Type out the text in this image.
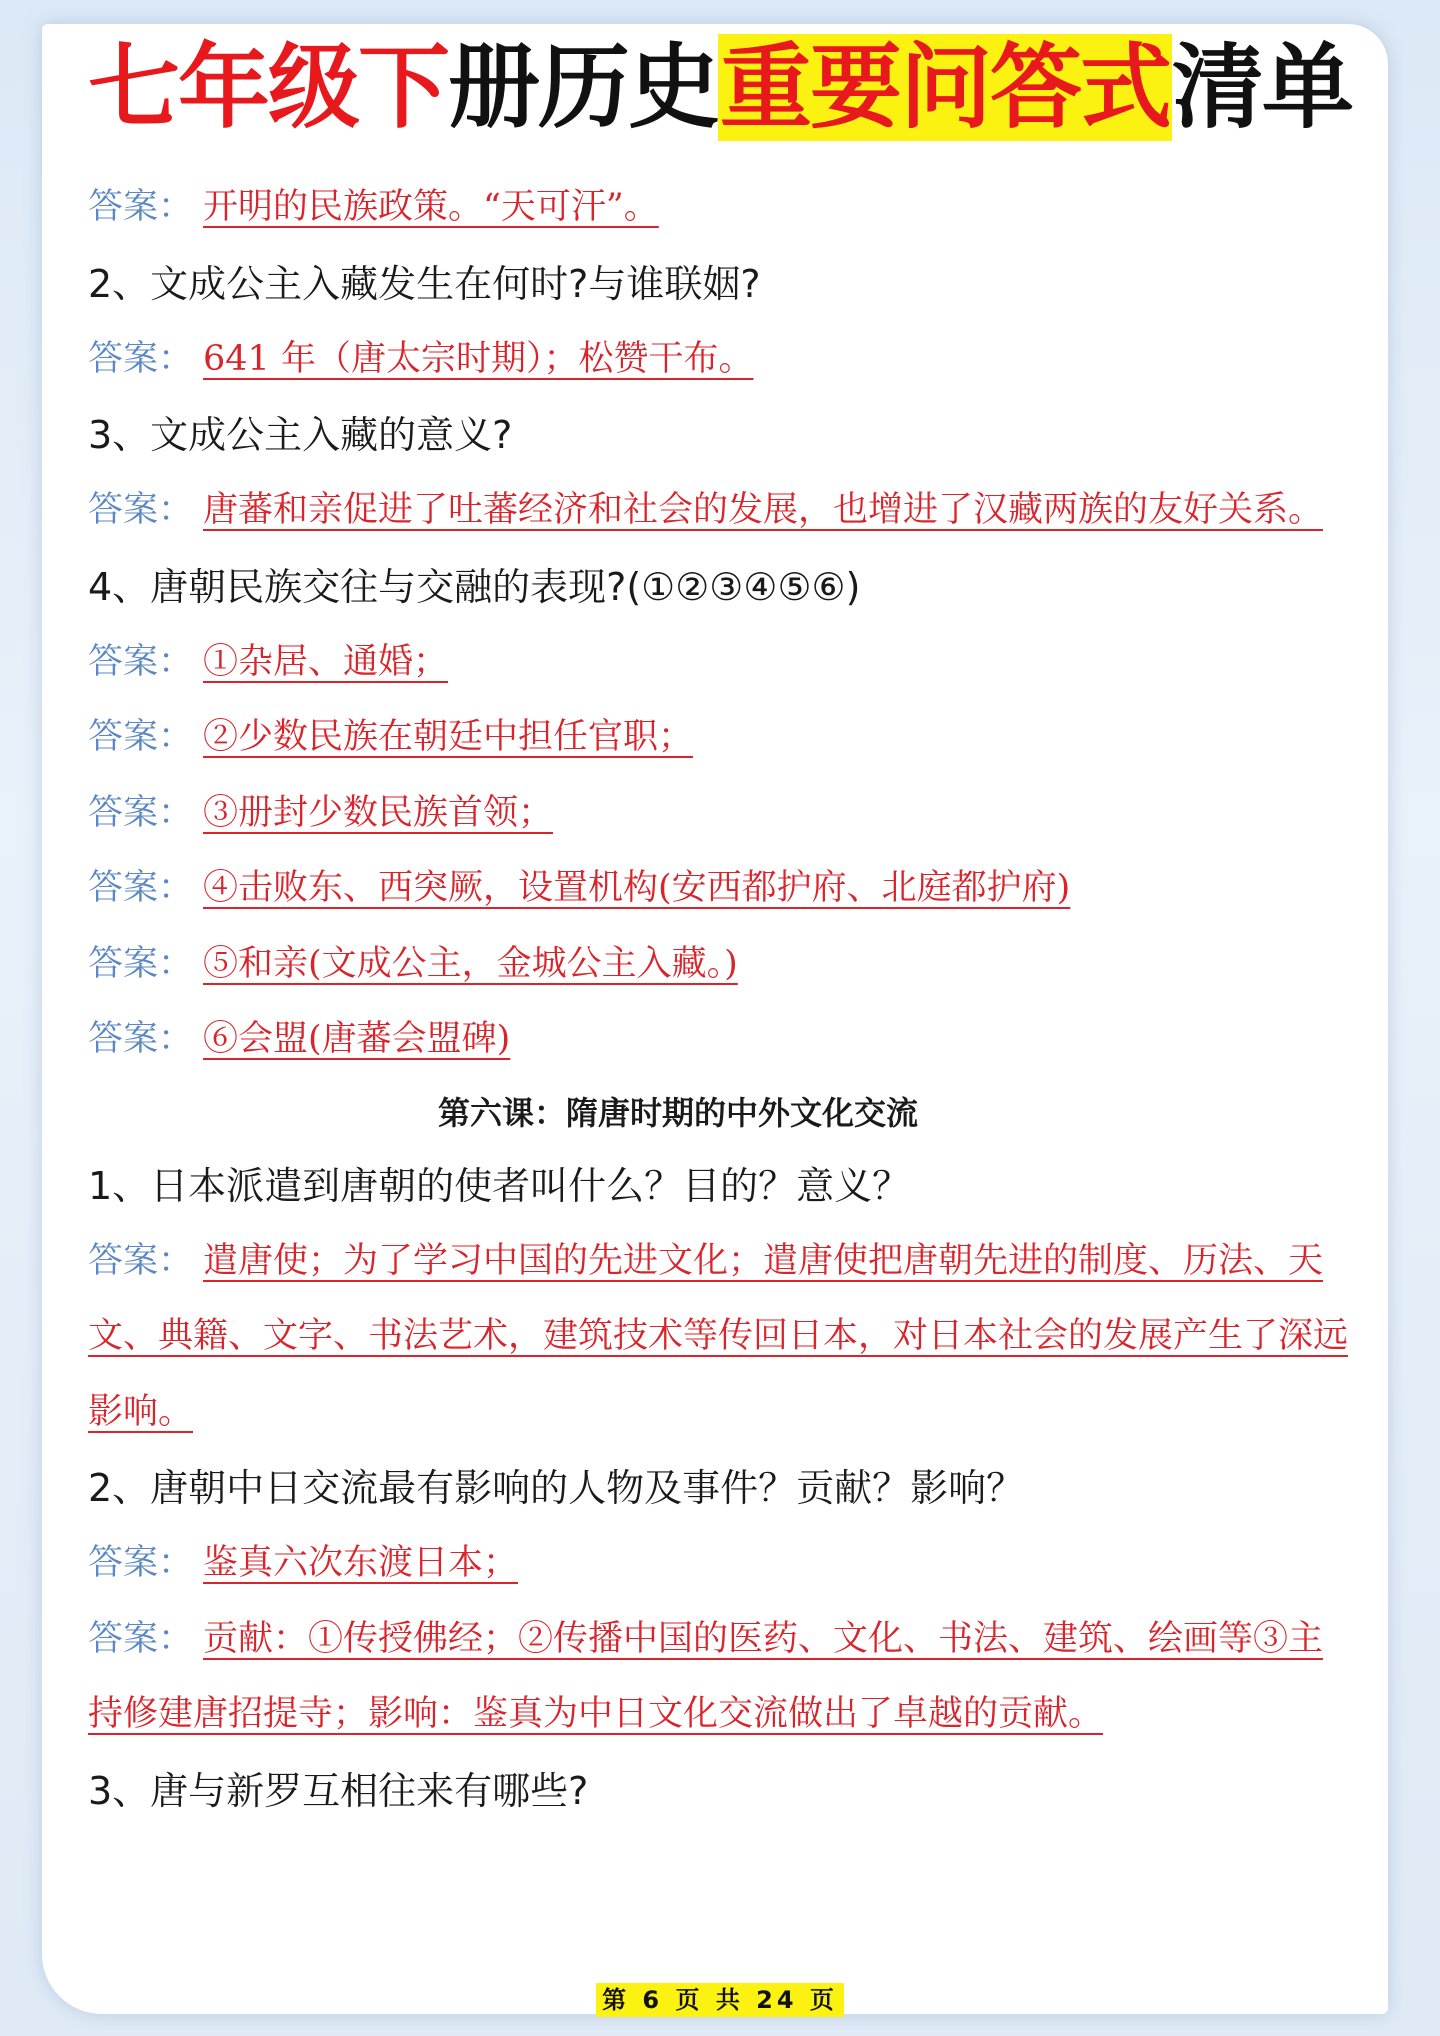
七年级下册历史重要问答式清单
答案： 开明的民族政策。“天可汗”。
2、文成公主入藏发生在何时?与谁联姻?
答案： 641 年（唐太宗时期）；松赞干布。
3、文成公主入藏的意义?
答案： 唐蕃和亲促进了吐蕃经济和社会的发展，也增进了汉藏两族的友好关系。
4、唐朝民族交往与交融的表现?(①②③④⑤⑥)
答案： ①杂居、通婚；
答案： ②少数民族在朝廷中担任官职；
答案： ③册封少数民族首领；
答案： ④击败东、西突厥，设置机构(安西都护府、北庭都护府)
答案： ⑤和亲(文成公主，金城公主入藏。)
答案： ⑥会盟(唐蕃会盟碑)
第六课：隋唐时期的中外文化交流
1、日本派遣到唐朝的使者叫什么？目的？意义？
答案： 遣唐使；为了学习中国的先进文化；遣唐使把唐朝先进的制度、历法、天文、典籍、文字、书法艺术，建筑技术等传回日本，对日本社会的发展产生了深远影响。
2、唐朝中日交流最有影响的人物及事件？贡献？影响？
答案： 鉴真六次东渡日本；
答案： 贡献：①传授佛经；②传播中国的医药、文化、书法、建筑、绘画等③主持修建唐招提寺；影响：鉴真为中日文化交流做出了卓越的贡献。
3、唐与新罗互相往来有哪些?
第 6 页 共 24 页
